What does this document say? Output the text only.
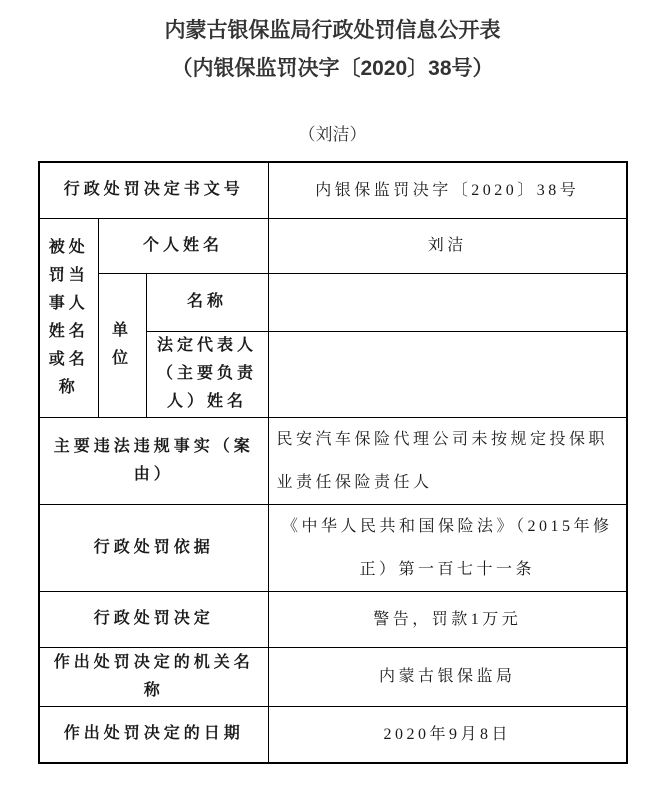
内蒙古银保监局行政处罚信息公开表
（内银保监罚决字〔2020〕38号）
（刘洁）
行政处罚决定书文号			内银保监罚决字〔2020〕38号
被处罚当事人姓名或名称	个人姓名		刘洁
	单位	名称	
		法定代表人（主要负责人）姓名	
主要违法违规事实（案由）			民安汽车保险代理公司未按规定投保职业责任保险责任人
行政处罚依据			《中华人民共和国保险法》（2015年修正）第一百七十一条
行政处罚决定			警告，罚款1万元
作出处罚决定的机关名称			内蒙古银保监局
作出处罚决定的日期			2020年9月8日
